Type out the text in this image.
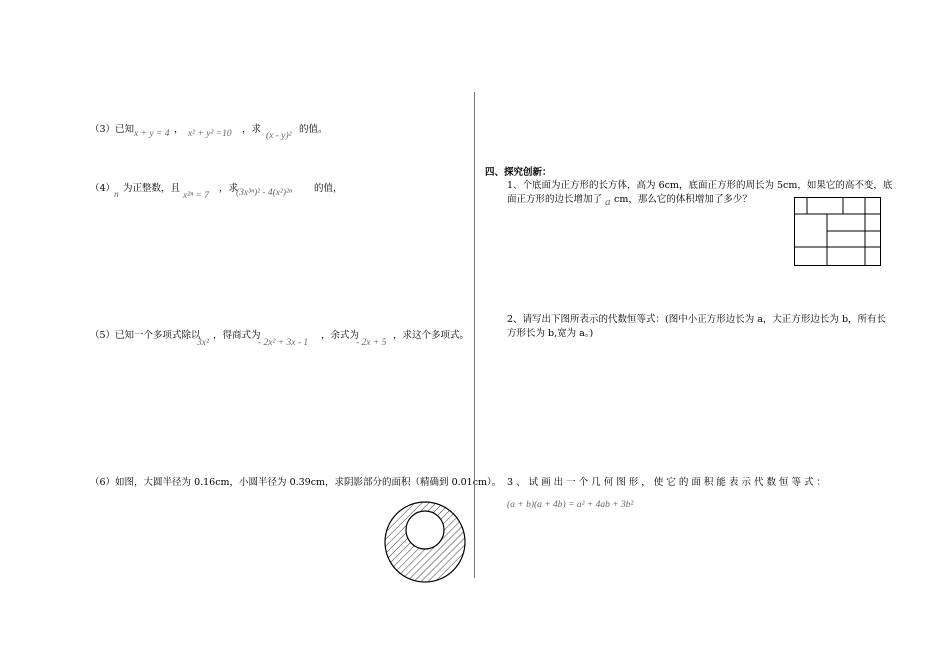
（3）已知 x + y = 4 ， x² + y² =10 ，求
(x - y)²
的值。
（4）
n
为正整数，且
x²ⁿ = 7
，求
(3x³ⁿ)² - 4(x²)²ⁿ 的值，
（5）已知一个多项式除以
3x²
，得商式为
- 2x² + 3x - 1
，余式为
- 2x + 5
，求这个多项式。
（6）如图，大圆半径为 0.16cm，小圆半径为 0.39cm，求阴影部分的面积（精确到 0.01cm）。
四、探究创新：
1、个底面为正方形的长方体，高为 6cm，底面正方形的周长为 5cm，如果它的高不变，底
面正方形的边长增加了 a cm，那么它的体积增加了多少？
2、请写出下图所表示的代数恒等式：(图中小正方形边长为 a，大正方形边长为 b，所有长
方形长为 b,宽为 a。)
3 、 试 画 出 一 个 几 何 图 形 ， 使 它 的 面 积 能 表 示 代 数 恒 等 式 ：
(a + b)(a + 4b) = a² + 4ab + 3b²
